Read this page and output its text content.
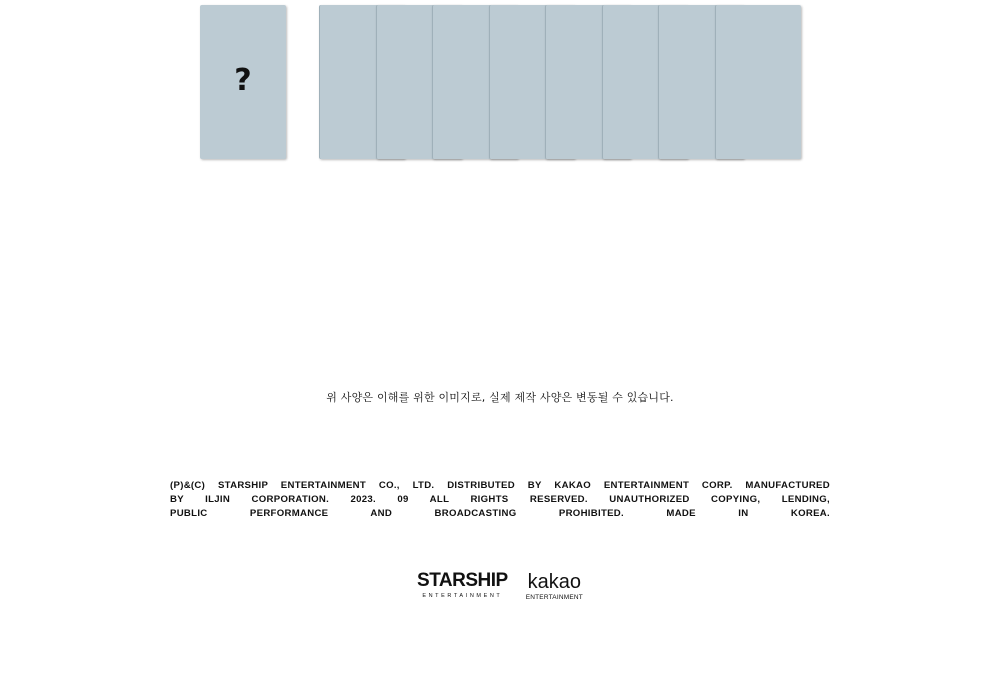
?
위 사양은 이해를 위한 이미지로, 실제 제작 사양은 변동될 수 있습니다.
(P)&(C) STARSHIP ENTERTAINMENT CO., LTD. DISTRIBUTED BY KAKAO ENTERTAINMENT CORP. MANUFACTURED
BY ILJIN CORPORATION. 2023. 09 ALL RIGHTS RESERVED. UNAUTHORIZED COPYING, LENDING,
PUBLIC PERFORMANCE AND BROADCASTING PROHIBITED. MADE IN KOREA.
STARSHIP
ENTERTAINMENT
kakao
ENTERTAINMENT
